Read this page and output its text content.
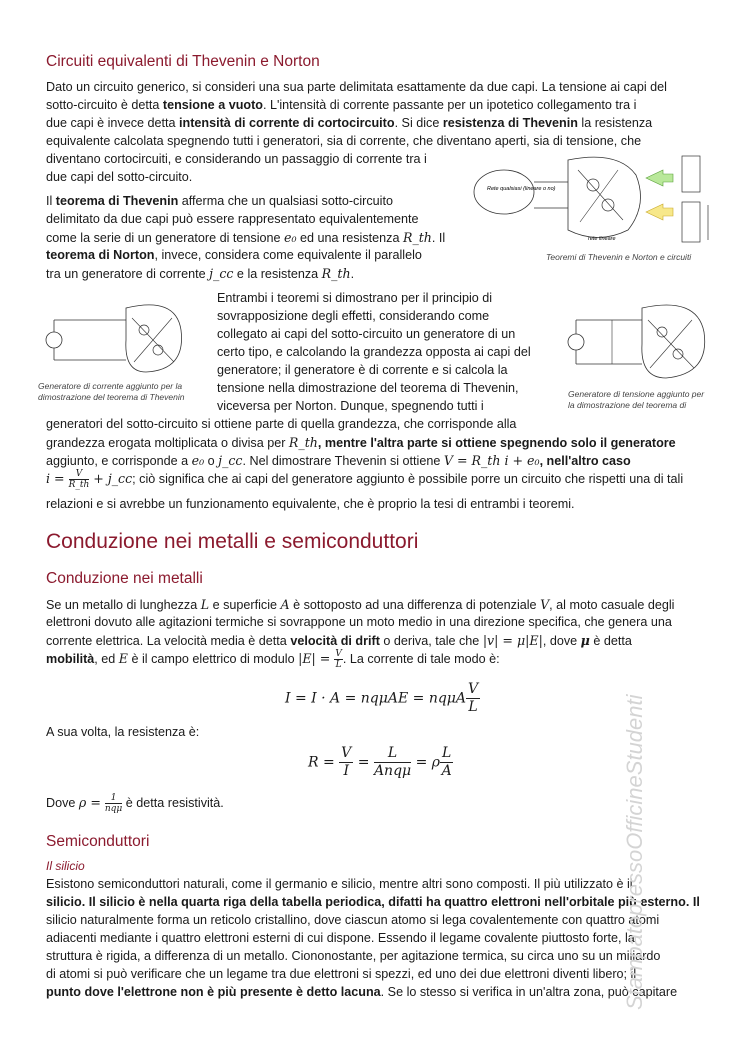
Circuiti equivalenti di Thevenin e Norton
Dato un circuito generico, si consideri una sua parte delimitata esattamente da due capi. La tensione ai capi del
sotto-circuito è detta tensione a vuoto. L'intensità di corrente passante per un ipotetico collegamento tra i
due capi è invece detta intensità di corrente di cortocircuito. Si dice resistenza di Thevenin la resistenza
equivalente calcolata spegnendo tutti i generatori, sia di corrente, che diventano aperti, sia di tensione, che
diventano cortocircuiti, e considerando un passaggio di corrente tra i
due capi del sotto-circuito.
Il teorema di Thevenin afferma che un qualsiasi sotto-circuito
delimitato da due capi può essere rappresentato equivalentemente
come la serie di un generatore di tensione e₀ ed una resistenza R_th. Il
teorema di Norton, invece, considera come equivalente il parallelo
tra un generatore di corrente j_cc e la resistenza R_th.
Rete qualsiasi (lineare o no)
rete lineare
Teoremi di Thevenin e Norton e circuiti
Generatore di corrente aggiunto per la
dimostrazione del teorema di Thevenin	Generatore di tensione aggiunto per
la dimostrazione del teorema di
Entrambi i teoremi si dimostrano per il principio di
sovrapposizione degli effetti, considerando come
collegato ai capi del sotto-circuito un generatore di un
certo tipo, e calcolando la grandezza opposta ai capi del
generatore; il generatore è di corrente e si calcola la
tensione nella dimostrazione del teorema di Thevenin,
viceversa per Norton. Dunque, spegnendo tutti i
generatori del sotto-circuito si ottiene parte di quella grandezza, che corrisponde alla
grandezza erogata moltiplicata o divisa per R_th, mentre l'altra parte si ottiene spegnendo solo il generatore
aggiunto, e corrisponde a e₀ o j_cc. Nel dimostrare Thevenin si ottiene V = R_th i + e₀, nell'altro caso
$i = \frac{V}{R\_th}$ + j_cc; ciò significa che ai capi del generatore aggiunto è possibile porre un circuito che rispetti una di tali
relazioni e si avrebbe un funzionamento equivalente, che è proprio la tesi di entrambi i teoremi.
Conduzione nei metalli e semiconduttori
Conduzione nei metalli
Se un metallo di lunghezza L e superficie A è sottoposto ad una differenza di potenziale V, al moto casuale degli
elettroni dovuto alle agitazioni termiche si sovrappone un moto medio in una direzione specifica, che genera una
corrente elettrica. La velocità media è detta velocità di drift o deriva, tale che |v| = μ|E|, dove μ è detta
mobilità, ed E è il campo elettrico di modulo $|E| = \frac{V}{L}$ . La corrente di tale modo è:
I = I · A = nqμAE = nqμA $\frac{V}{L}$
A sua volta, la resistenza è:
$R = \frac{V}{I} = \frac{L}{\text{Anqμ}} = \rho \frac{L}{A}$
Dove ρ = 1
nqμ è detta resistività.
Semiconduttori
Il silicio
Esistono semiconduttori naturali, come il germanio e silicio, mentre altri sono composti. Il più utilizzato è il
silicio. Il silicio è nella quarta riga della tabella periodica, difatti ha quattro elettroni nell'orbitale più esterno. Il
silicio naturalmente forma un reticolo cristallino, dove ciascun atomo si lega covalentemente con quattro atomi
adiacenti mediante i quattro elettroni esterni di cui dispone. Essendo il legame covalente piuttosto forte, la
struttura è rigida, a differenza di un metallo. Ciononostante, per agitazione termica, su circa uno su un miliardo
di atomi si può verificare che un legame tra due elettroni si spezzi, ed uno dei due elettroni diventi libero; il
punto dove l'elettrone non è più presente è detto lacuna. Se lo stesso si verifica in un'altra zona, può capitare
StampatopressoOfficineStudenti
